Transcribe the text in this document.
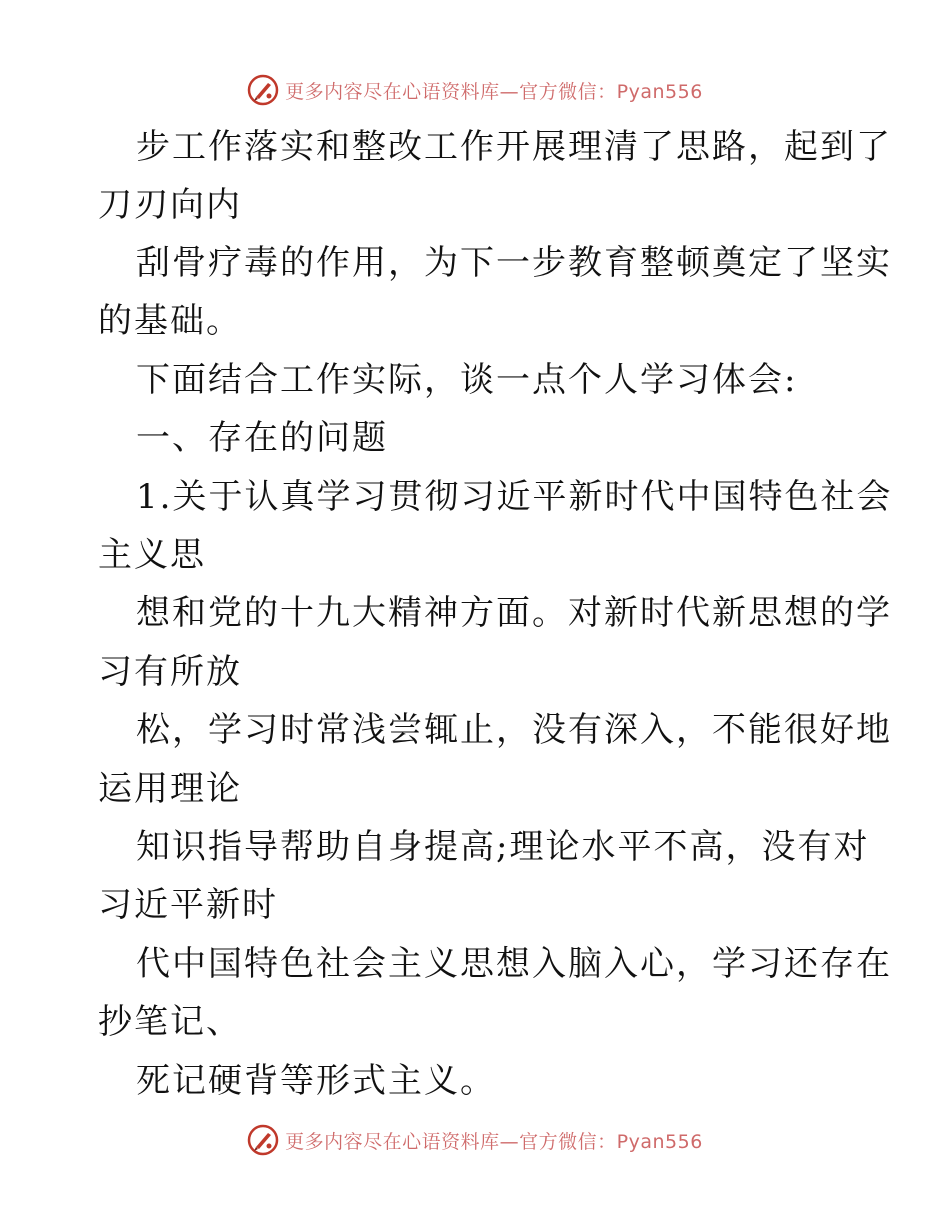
更多内容尽在心语资料库—官方微信：Pyan556
步工作落实和整改工作开展理清了思路，起到了
刀刃向内
刮骨疗毒的作用，为下一步教育整顿奠定了坚实
的基础。
下面结合工作实际，谈一点个人学习体会:
一、存在的问题
1.关于认真学习贯彻习近平新时代中国特色社会
主义思
想和党的十九大精神方面。对新时代新思想的学
习有所放
松，学习时常浅尝辄止，没有深入，不能很好地
运用理论
知识指导帮助自身提高;理论水平不高，没有对
习近平新时
代中国特色社会主义思想入脑入心，学习还存在
抄笔记、
死记硬背等形式主义。
更多内容尽在心语资料库—官方微信：Pyan556
